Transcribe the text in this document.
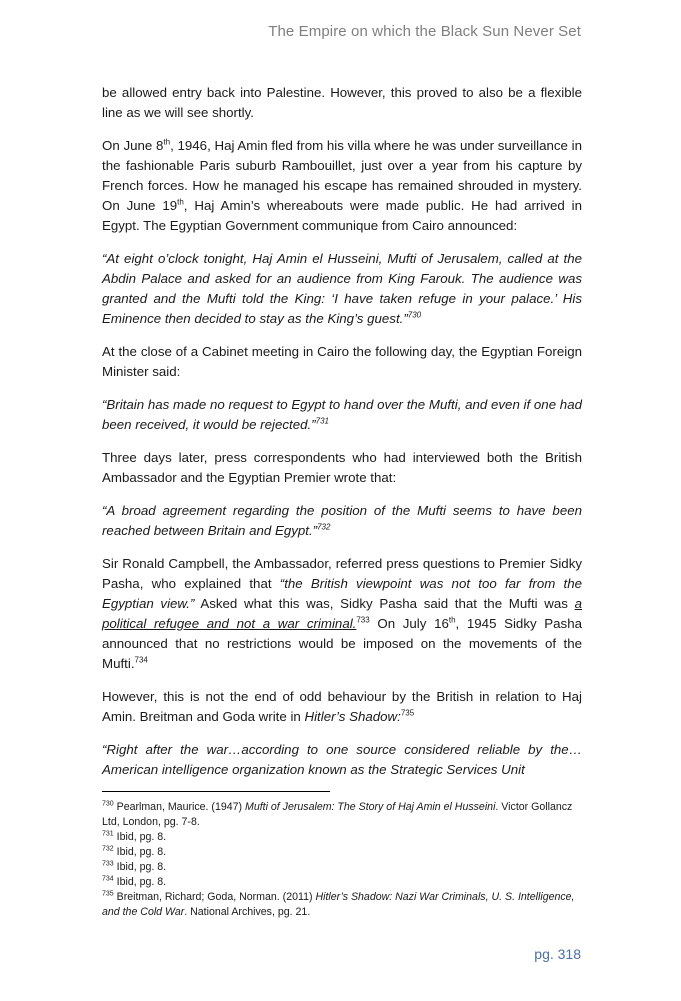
The Empire on which the Black Sun Never Set

be allowed entry back into Palestine. However, this proved to also be a flexible line as we will see shortly.

On June 8th, 1946, Haj Amin fled from his villa where he was under surveillance in the fashionable Paris suburb Rambouillet, just over a year from his capture by French forces. How he managed his escape has remained shrouded in mystery. On June 19th, Haj Amin’s whereabouts were made public. He had arrived in Egypt. The Egyptian Government communique from Cairo announced:

“At eight o’clock tonight, Haj Amin el Husseini, Mufti of Jerusalem, called at the Abdin Palace and asked for an audience from King Farouk. The audience was granted and the Mufti told the King: ‘I have taken refuge in your palace.’ His Eminence then decided to stay as the King’s guest.”$^{730}$

At the close of a Cabinet meeting in Cairo the following day, the Egyptian Foreign Minister said:

“Britain has made no request to Egypt to hand over the Mufti, and even if one had been received, it would be rejected.”$^{731}$

Three days later, press correspondents who had interviewed both the British Ambassador and the Egyptian Premier wrote that:

“A broad agreement regarding the position of the Mufti seems to have been reached between Britain and Egypt.”$^{732}$

Sir Ronald Campbell, the Ambassador, referred press questions to Premier Sidky Pasha, who explained that “the British viewpoint was not too far from the Egyptian view.” Asked what this was, Sidky Pasha said that the Mufti was a political refugee and not a war criminal.$^{733}$ On July 16th, 1945 Sidky Pasha announced that no restrictions would be imposed on the movements of the Mufti.$^{734}$

However, this is not the end of odd behaviour by the British in relation to Haj Amin. Breitman and Goda write in Hitler’s Shadow:$^{735}$

“Right after the war…according to one source considered reliable by the…American intelligence organization known as the Strategic Services Unit

$^{730}$ Pearlman, Maurice. (1947) Mufti of Jerusalem: The Story of Haj Amin el Husseini. Victor Gollancz Ltd, London, pg. 7-8.

$^{731}$ Ibid, pg. 8.

$^{732}$ Ibid, pg. 8.

$^{733}$ Ibid, pg. 8.

$^{734}$ Ibid, pg. 8.

$^{735}$ Breitman, Richard; Goda, Norman. (2011) Hitler’s Shadow: Nazi War Criminals, U. S. Intelligence, and the Cold War. National Archives, pg. 21.

pg. 318
